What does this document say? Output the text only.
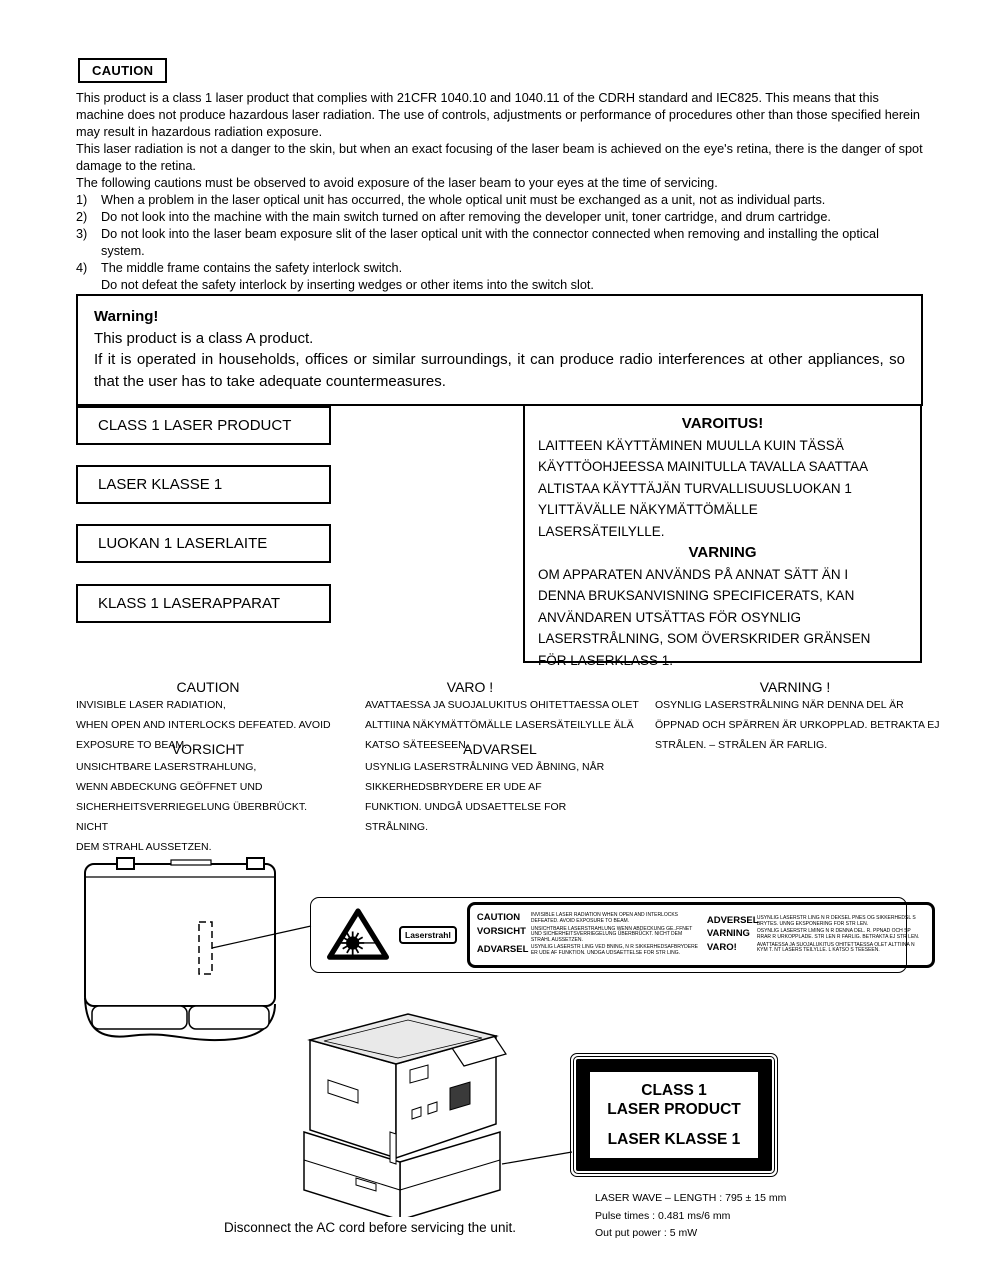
CAUTION

This product is a class 1 laser product that complies with 21CFR 1040.10 and 1040.11 of the CDRH standard and IEC825. This means that this machine does not produce hazardous laser radiation. The use of controls, adjustments or performance of procedures other than those specified herein may result in hazardous radiation exposure.

This laser radiation is not a danger to the skin, but when an exact focusing of the laser beam is achieved on the eye's retina, there is the danger of spot damage to the retina.

The following cautions must be observed to avoid exposure of the laser beam to your eyes at the time of servicing.

1)	When a problem in the laser optical unit has occurred, the whole optical unit must be exchanged as a unit, not as individual parts.
2)	Do not look into the machine with the main switch turned on after removing the developer unit, toner cartridge, and drum cartridge.
3)	Do not look into the laser beam exposure slit of the laser optical unit with the connector connected when removing and installing the optical
system.
4)	The middle frame contains the safety interlock switch.
Do not defeat the safety interlock by inserting wedges or other items into the switch slot.
Warning!
This product is a class A product.
If it is operated in households, offices or similar surroundings, it can produce radio interferences at other appliances, so that the user has to take adequate countermeasures.
CLASS 1 LASER PRODUCT
LASER KLASSE 1
LUOKAN 1 LASERLAITE
KLASS 1 LASERAPPARAT
VAROITUS!
LAITTEEN KÄYTTÄMINEN MUULLA KUIN TÄSSÄ
KÄYTTÖOHJEESSA MAINITULLA TAVALLA SAATTAA
ALTISTAA KÄYTTÄJÄN TURVALLISUUSLUOKAN 1
YLITTÄVÄLLE NÄKYMÄTTÖMÄLLE
LASERSÄTEILYLLE.
VARNING
OM APPARATEN ANVÄNDS PÅ ANNAT SÄTT ÄN I
DENNA BRUKSANVISNING SPECIFICERATS, KAN
ANVÄNDAREN UTSÄTTAS FÖR OSYNLIG
LASERSTRÅLNING, SOM ÖVERSKRIDER GRÄNSEN
FÖR LASERKLASS 1.
CAUTION
INVISIBLE LASER RADIATION,
WHEN OPEN AND INTERLOCKS DEFEATED. AVOID
EXPOSURE TO BEAM.
VARO !
AVATTAESSA JA SUOJALUKITUS OHITETTAESSA OLET
ALTTIINA NÄKYMÄTTÖMÄLLE LASERSÄTEILYLLE ÄLÄ
KATSO SÄTEESEEN.
VARNING !
OSYNLIG LASERSTRÅLNING NÄR DENNA DEL ÄR
ÖPPNAD OCH SPÄRREN ÄR URKOPPLAD. BETRAKTA EJ
STRÅLEN. – STRÅLEN ÄR FARLIG.
VORSICHT
UNSICHTBARE LASERSTRAHLUNG,
WENN ABDECKUNG GEÖFFNET UND
SICHERHEITSVERRIEGELUNG ÜBERBRÜCKT. NICHT
DEM STRAHL AUSSETZEN.
ADVARSEL
USYNLIG LASERSTRÅLNING VED ÅBNING, NÅR
SIKKERHEDSBRYDERE ER UDE AF
FUNKTION. UNDGÅ UDSAETTELSE FOR
STRÅLNING.
Laserstrahl
CAUTION	INVISIBLE LASER RADIATION WHEN OPEN AND INTERLOCKS DEFEATED. AVOID EXPOSURE TO BEAM.
VORSICHT UNSICHTBARE LASERSTRAHLUNG WENN ABDECKUNG GE..FFNET UND SICHERHEITSVERRIEGELUNG ÜBERBRÜCKT. NICHT DEM STRAHL AUSSETZEN.
ADVARSEL USYNLIG LASERSTR LING VED BNING, N R SIKKERHEDSAFBRYDERE ER UDE AF FUNKTION. UNDGA UDSAETTELSE FOR STR LING.
ADVERSEL
USYNLIG LASERSTR LING N R DEKSEL PNES OG SIKKERHEDSL S BRYTES. UNNG EKSPONERING FOR STR LEN.
VARNING	OSYNLIG LASERSTR LMING N R DENNA DEL. R. PPNAD OCH SP RRAR R URKOPPLADE. STR LEN R FARLIG. BETRAKTA EJ STR LEN.
VARO!	AVATTAESSA JA SUOJALUKITUS OHITETTAESSA OLET ALTTIINA N KYM T. NT LASERS TEILYLLE. L KATSO S TEESEEN.
CLASS 1
LASER PRODUCT
LASER KLASSE 1
LASER WAVE – LENGTH : 795 ± 15 mm
Pulse times : 0.481 ms/6 mm
Out put power : 5 mW
Disconnect the AC cord before servicing the unit.
